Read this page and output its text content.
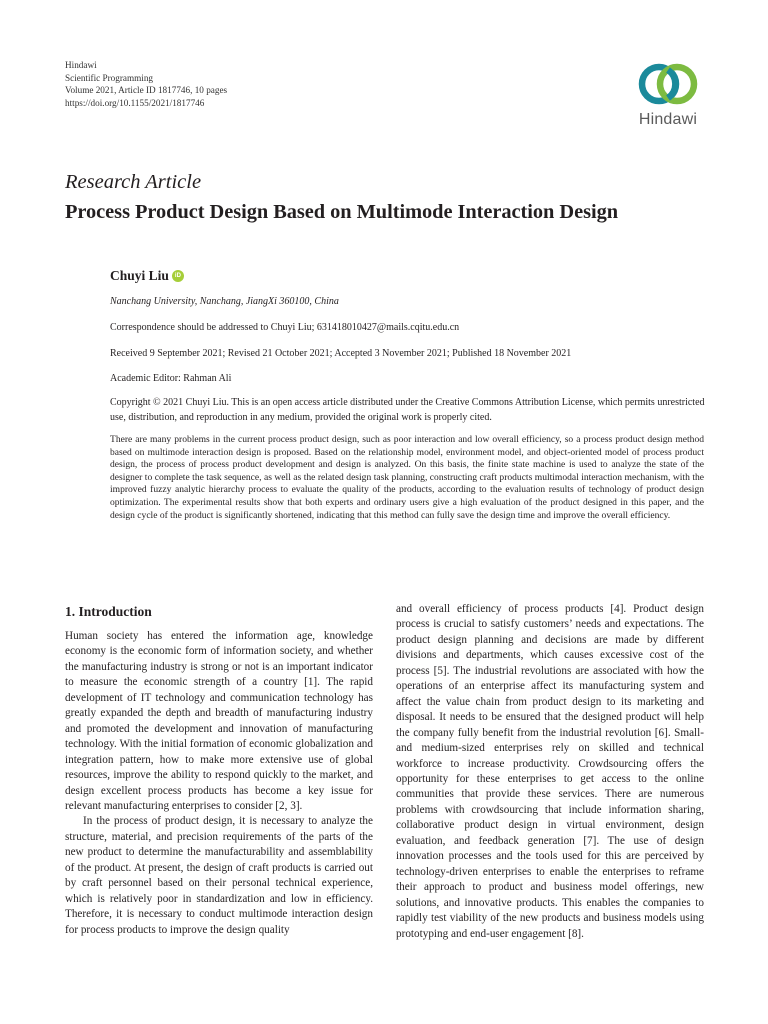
Hindawi
Scientific Programming
Volume 2021, Article ID 1817746, 10 pages
https://doi.org/10.1155/2021/1817746
Hindawi
Research Article
Process Product Design Based on Multimode Interaction Design
Chuyi Liu	iD
Nanchang University, Nanchang, JiangXi 360100, China
Correspondence should be addressed to Chuyi Liu; 631418010427@mails.cqitu.edu.cn
Received 9 September 2021; Revised 21 October 2021; Accepted 3 November 2021; Published 18 November 2021
Academic Editor: Rahman Ali
Copyright © 2021 Chuyi Liu. This is an open access article distributed under the Creative Commons Attribution License, which permits unrestricted use, distribution, and reproduction in any medium, provided the original work is properly cited.
There are many problems in the current process product design, such as poor interaction and low overall efficiency, so a process product design method based on multimode interaction design is proposed. Based on the relationship model, environment model, and object-oriented model of process product design, the process of process product development and design is analyzed. On this basis, the finite state machine is used to analyze the state of the designer to complete the task sequence, as well as the related design task planning, constructing craft products multimodal interaction mechanism, with the improved fuzzy analytic hierarchy process to evaluate the quality of the products, according to the evaluation results of technology of product design optimization. The experimental results show that both experts and ordinary users give a high evaluation of the product designed in this paper, and the design cycle of the product is significantly shortened, indicating that this method can fully save the design time and improve the overall efficiency.
1. Introduction

Human society has entered the information age, knowledge economy is the economic form of information society, and whether the manufacturing industry is strong or not is an important indicator to measure the economic strength of a country [1]. The rapid development of IT technology and communication technology has greatly expanded the depth and breadth of manufacturing industry and promoted the development and innovation of manufacturing technology. With the initial formation of economic globalization and integration pattern, how to make more extensive use of global resources, improve the ability to respond quickly to the market, and design excellent process products has become a key issue for relevant manufacturing enterprises to consider [2, 3].

In the process of product design, it is necessary to analyze the structure, material, and precision requirements of the parts of the new product to determine the manufacturability and assemblability of the product. At present, the design of craft products is carried out by craft personnel based on their personal technical experience, which is relatively poor in standardization and low in efficiency. Therefore, it is necessary to conduct multimode interaction design for process products to improve the design quality

and overall efficiency of process products [4]. Product design process is crucial to satisfy customers’ needs and expectations. The product design planning and decisions are made by different divisions and departments, which causes excessive cost of the process [5]. The industrial revolutions are associated with how the operations of an enterprise affect its manufacturing system and affect the value chain from product design to its marketing and disposal. It needs to be ensured that the designed product will help the company fully benefit from the industrial revolution [6]. Small- and medium-sized enterprises rely on skilled and technical workforce to increase productivity. Crowdsourcing offers the opportunity for these enterprises to get access to the online communities that provide these services. There are numerous problems with crowdsourcing that include information sharing, collaborative product design in virtual environment, design evaluation, and feedback generation [7]. The use of design innovation processes and the tools used for this are perceived by technology-driven enterprises to enable the enterprises to reframe their approach to product and business model offerings, new solutions, and innovative products. This enables the companies to rapidly test viability of the new products and business models using prototyping and end-user engagement [8].
